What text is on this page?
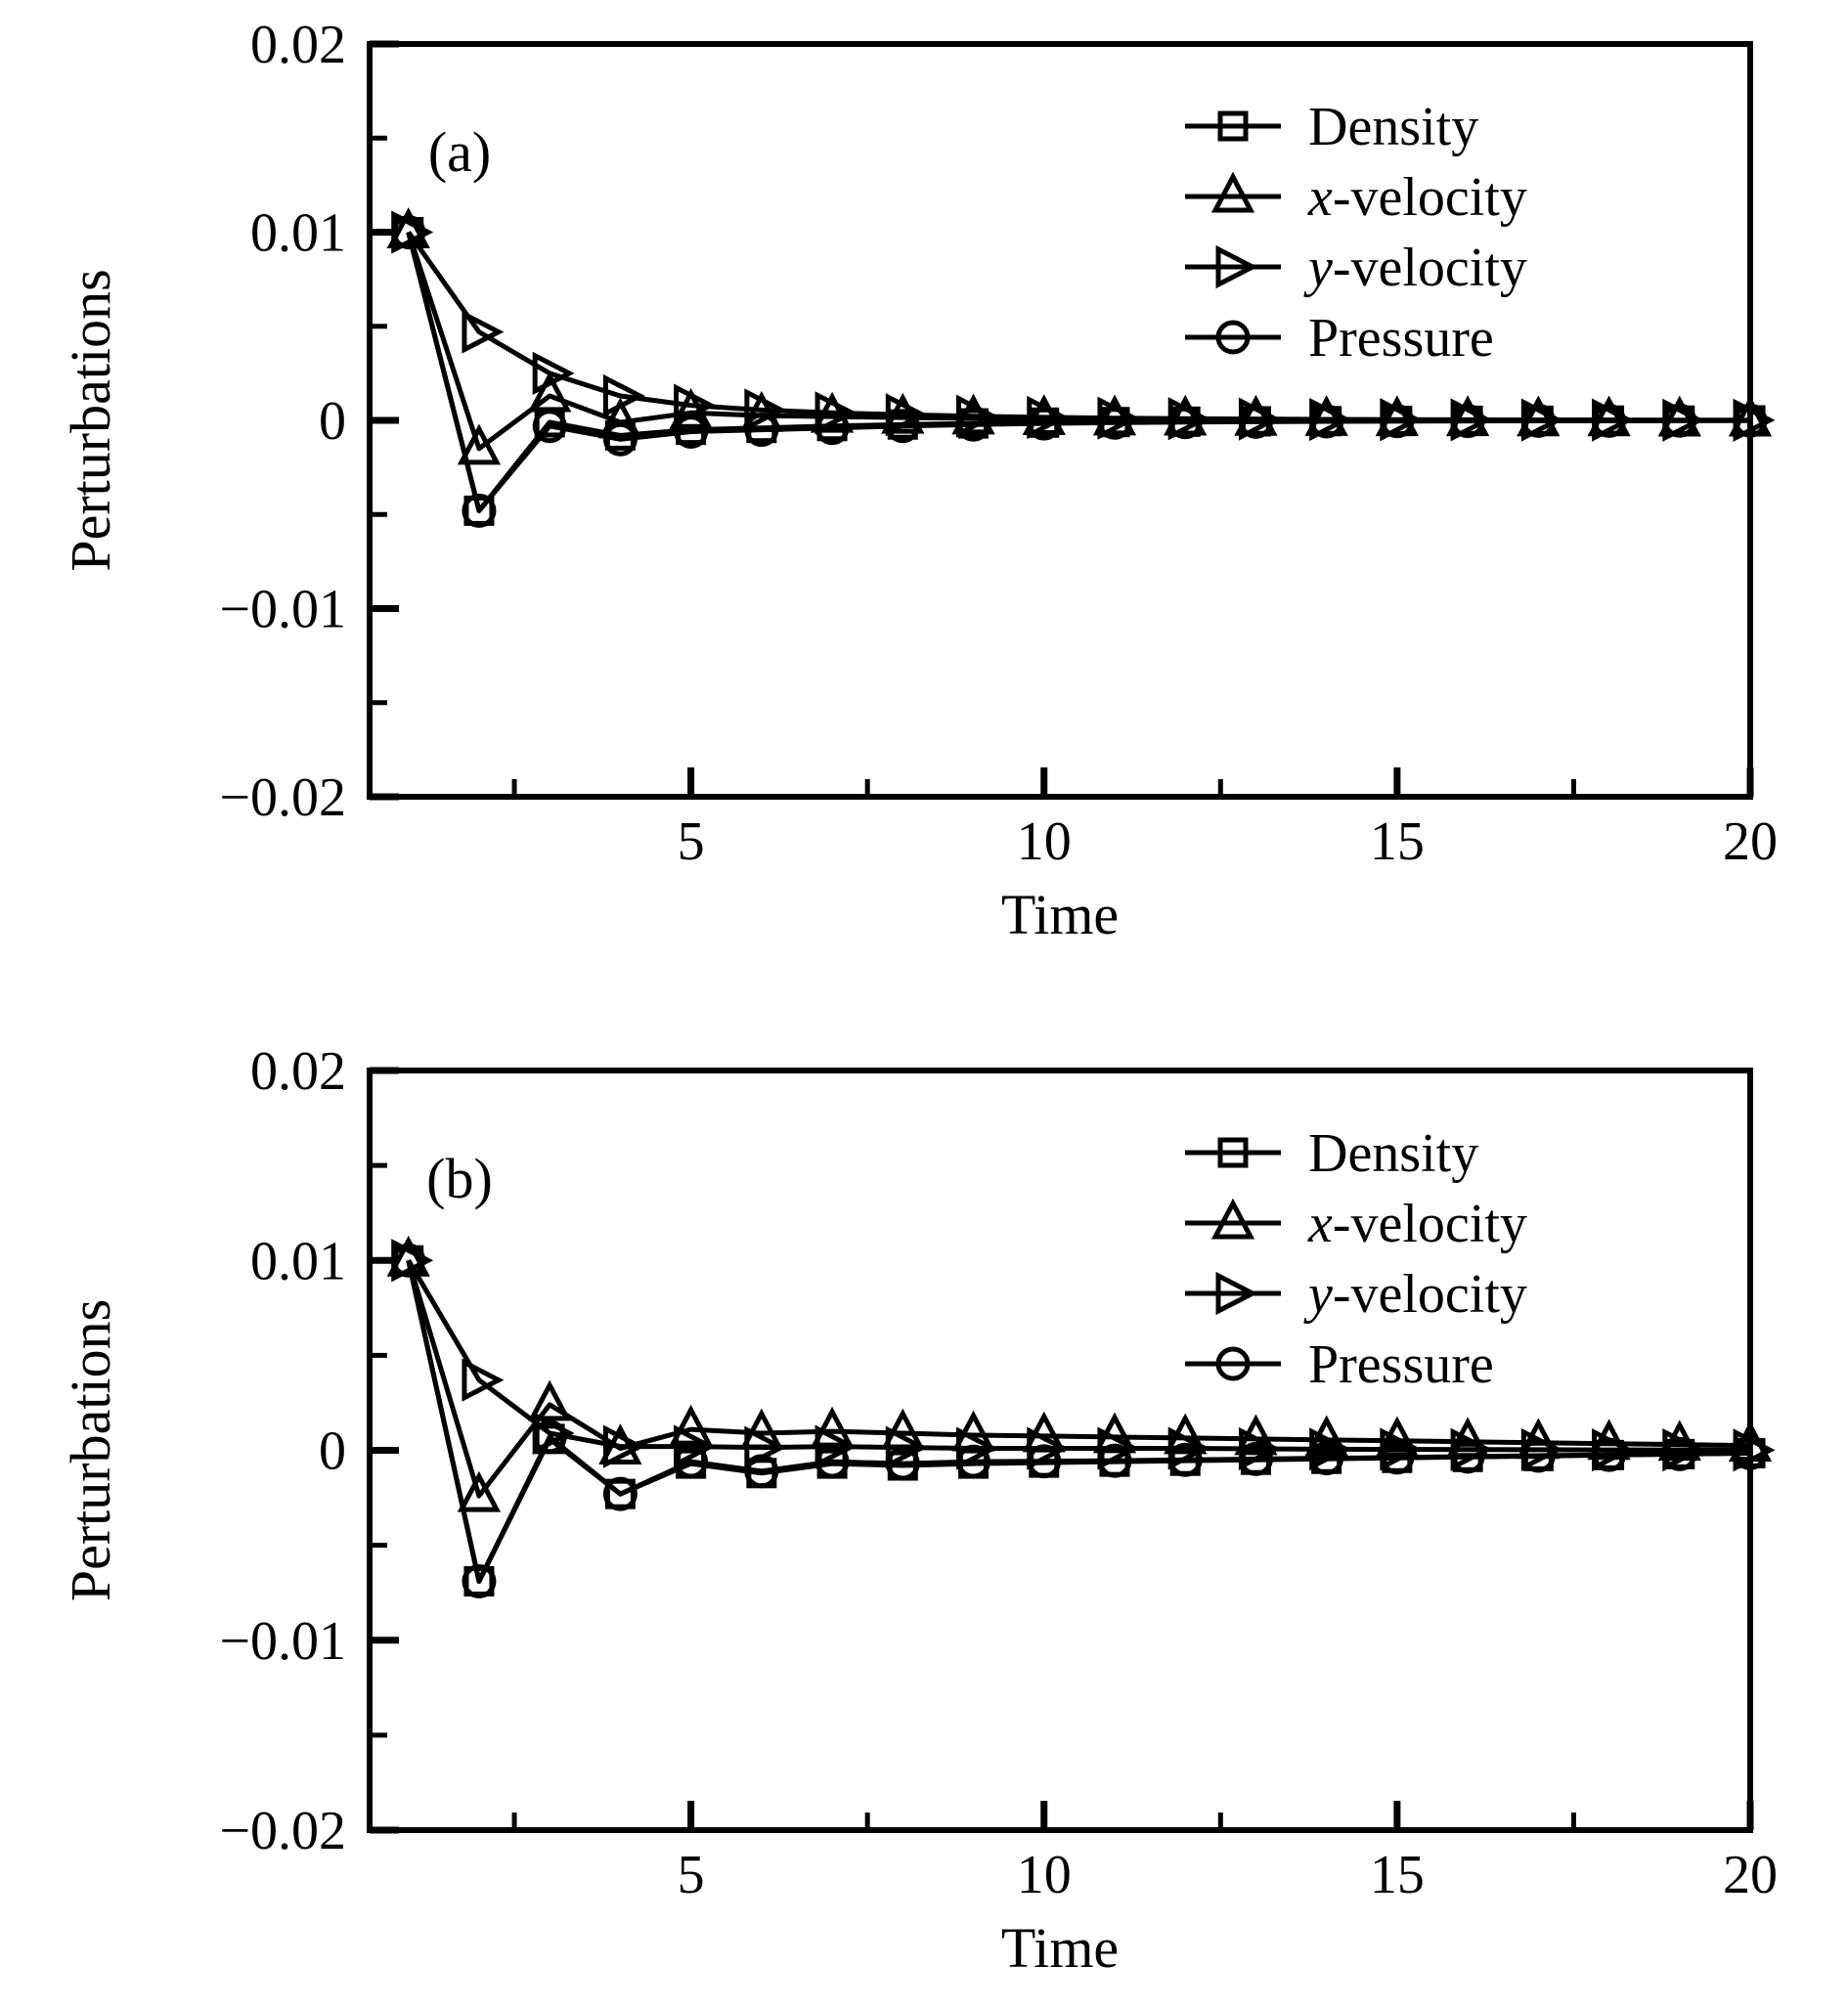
0.02
0.01
0
−0.01
−0.02
5	10	15	20
Time
Perturbations
(a)	Density
x-velocity
y-velocity
Pressure
0.02
0.01
0
−0.01
−0.02
5	10	15	20
Time
Perturbations
(b)	Density
x-velocity
y-velocity
Pressure
